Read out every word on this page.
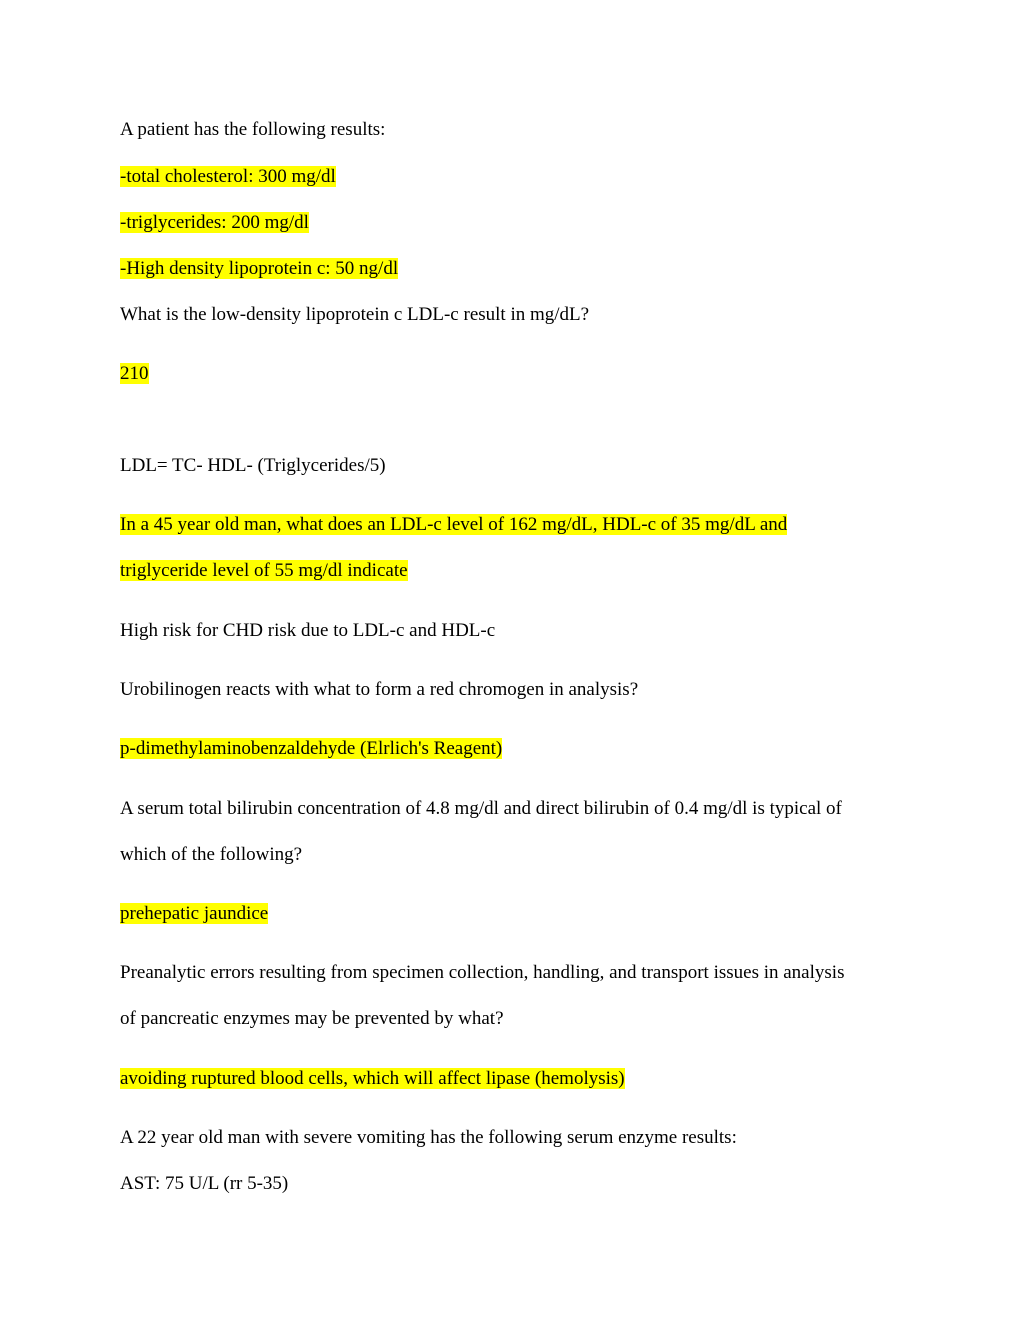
A patient has the following results:
-total cholesterol: 300 mg/dl
-triglycerides: 200 mg/dl
-High density lipoprotein c: 50 ng/dl
What is the low-density lipoprotein c LDL-c result in mg/dL?
210
LDL= TC- HDL- (Triglycerides/5)
In a 45 year old man, what does an LDL-c level of 162 mg/dL, HDL-c of 35 mg/dL and
triglyceride level of 55 mg/dl indicate
High risk for CHD risk due to LDL-c and HDL-c
Urobilinogen reacts with what to form a red chromogen in analysis?
p-dimethylaminobenzaldehyde (Elrlich's Reagent)
A serum total bilirubin concentration of 4.8 mg/dl and direct bilirubin of 0.4 mg/dl is typical of
which of the following?
prehepatic jaundice
Preanalytic errors resulting from specimen collection, handling, and transport issues in analysis
of pancreatic enzymes may be prevented by what?
avoiding ruptured blood cells, which will affect lipase (hemolysis)
A 22 year old man with severe vomiting has the following serum enzyme results:
AST: 75 U/L (rr 5-35)
